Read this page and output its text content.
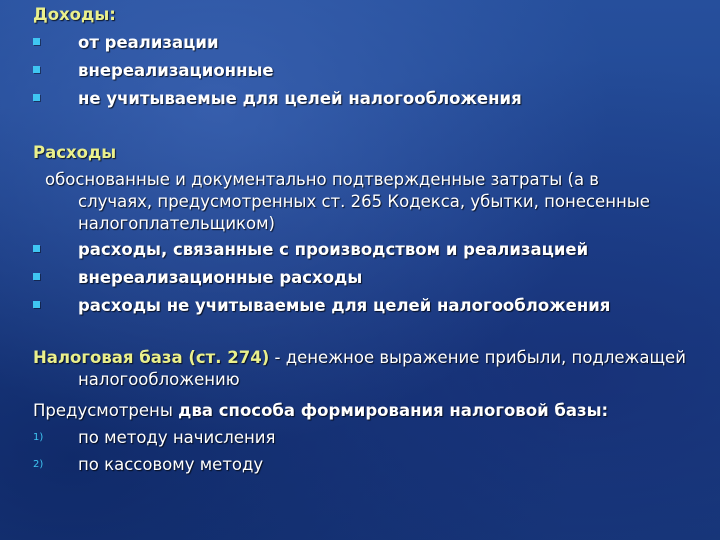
Доходы:
от реализации
внереализационные
не учитываемые для целей налогообложения
Расходы
обоснованные и документально подтвержденные затраты (а в случаях, предусмотренных ст. 265 Кодекса, убытки, понесенные налогоплательщиком)
расходы, связанные с производством и реализацией
внереализационные расходы
расходы не учитываемые для целей налогообложения
Налоговая база (ст. 274) - денежное выражение прибыли, подлежащей налогообложению
Предусмотрены два способа формирования налоговой базы:
1) по методу начисления
2) по кассовому методу
